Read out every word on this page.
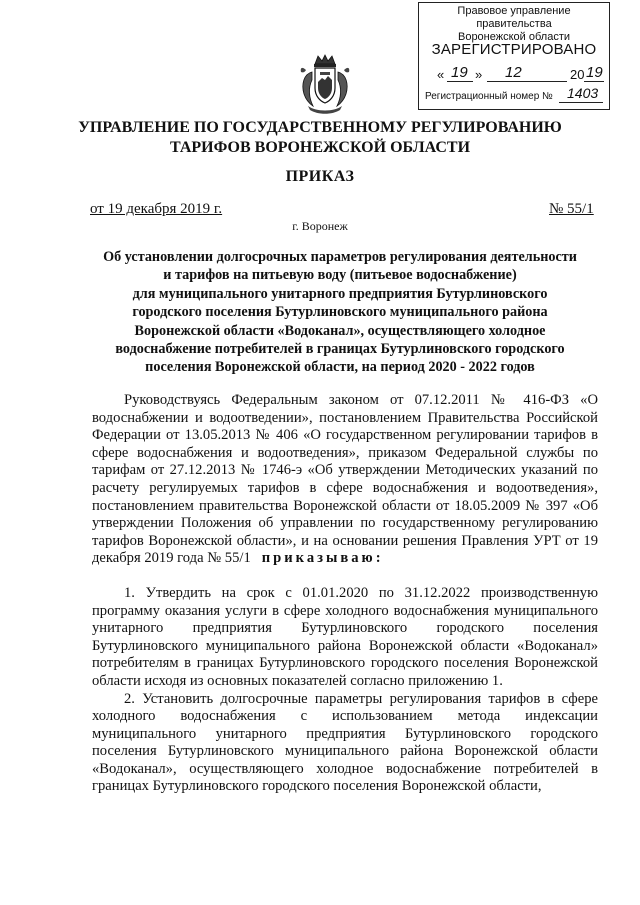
Правовое управление правительства
Воронежской области
ЗАРЕГИСТРИРОВАНО
« 19 » 12	20 19
Регистрационный номер № 1403
УПРАВЛЕНИЕ ПО ГОСУДАРСТВЕННОМУ РЕГУЛИРОВАНИЮ
ТАРИФОВ ВОРОНЕЖСКОЙ ОБЛАСТИ
ПРИКАЗ

от 19 декабря 2019 г.	№ 55/1

г. Воронеж

Об установлении долгосрочных параметров регулирования деятельности
и тарифов на питьевую воду (питьевое водоснабжение)
для муниципального унитарного предприятия Бутурлиновского
городского поселения Бутурлиновского муниципального района
Воронежской области «Водоканал», осуществляющего холодное
водоснабжение потребителей в границах Бутурлиновского городского
поселения Воронежской области, на период 2020 - 2022 годов

Руководствуясь Федеральным законом от 07.12.2011 № 416-ФЗ «О водоснабжении и водоотведении», постановлением Правительства Российской Федерации от 13.05.2013 № 406 «О государственном регулировании тарифов в сфере водоснабжения и водоотведения», приказом Федеральной службы по тарифам от 27.12.2013 № 1746-э «Об утверждении Методических указаний по расчету регулируемых тарифов в сфере водоснабжения и водоотведения», постановлением правительства Воронежской области от 18.05.2009 № 397 «Об утверждении Положения об управлении по государственному регулированию тарифов Воронежской области», и на основании решения Правления УРТ от 19 декабря 2019 года № 55/1 приказываю:

1. Утвердить на срок с 01.01.2020 по 31.12.2022 производственную программу оказания услуги в сфере холодного водоснабжения муниципального унитарного предприятия Бутурлиновского городского поселения Бутурлиновского муниципального района Воронежской области «Водоканал» потребителям в границах Бутурлиновского городского поселения Воронежской области исходя из основных показателей согласно приложению 1.

2. Установить долгосрочные параметры регулирования тарифов в сфере холодного водоснабжения с использованием метода индексации муниципального унитарного предприятия Бутурлиновского городского поселения Бутурлиновского муниципального района Воронежской области «Водоканал», осуществляющего холодное водоснабжение потребителей в границах Бутурлиновского городского поселения Воронежской области,
